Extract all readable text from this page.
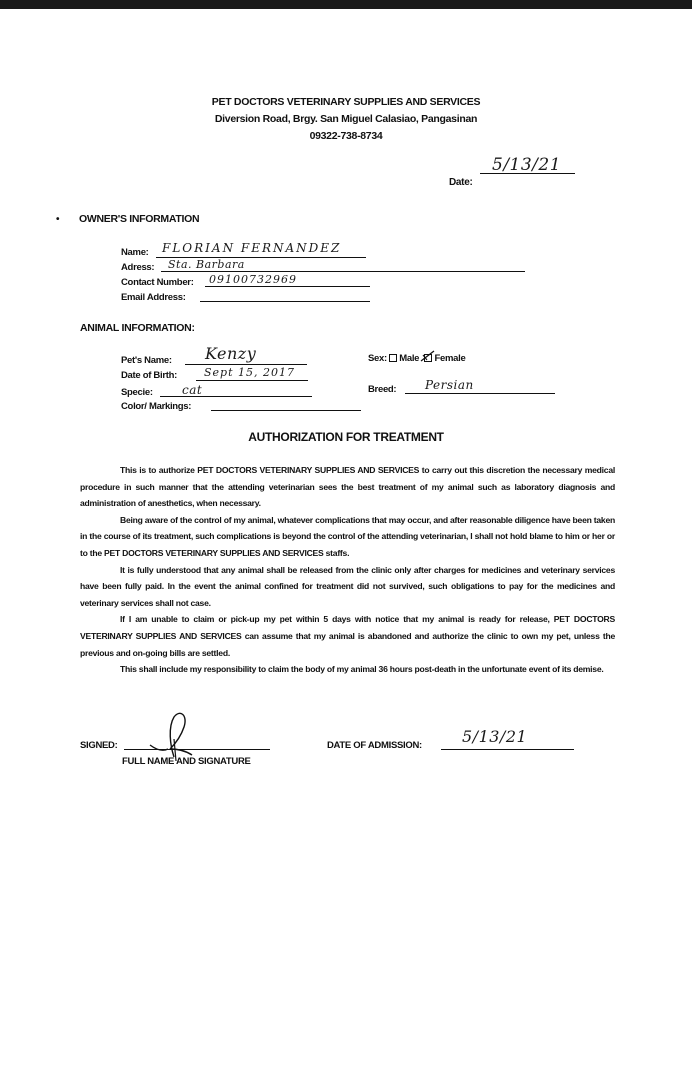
PET DOCTORS VETERINARY SUPPLIES AND SERVICES
Diversion Road, Brgy. San Miguel Calasiao, Pangasinan
09322-738-8734
Date:
5/13/21
• OWNER'S INFORMATION
Name: FLORIAN FERNANDEZ
Adress: Sta. Barbara
Contact Number: 09100732969
Email Address:
ANIMAL INFORMATION:
Pet's Name: Kenzy
Date of Birth: Sept 15, 2017
Specie: cat
Color/ Markings:
Sex: Male Female
Breed: Persian
AUTHORIZATION FOR TREATMENT

This is to authorize PET DOCTORS VETERINARY SUPPLIES AND SERVICES to carry out this discretion the necessary medical procedure in such manner that the attending veterinarian sees the best treatment of my animal such as laboratory diagnosis and administration of anesthetics, when necessary.

Being aware of the control of my animal, whatever complications that may occur, and after reasonable diligence have been taken in the course of its treatment, such complications is beyond the control of the attending veterinarian, I shall not hold blame to him or her or to the PET DOCTORS VETERINARY SUPPLIES AND SERVICES staffs.

It is fully understood that any animal shall be released from the clinic only after charges for medicines and veterinary services have been fully paid. In the event the animal confined for treatment did not survived, such obligations to pay for the medicines and veterinary services shall not case.

If I am unable to claim or pick-up my pet within 5 days with notice that my animal is ready for release, PET DOCTORS VETERINARY SUPPLIES AND SERVICES can assume that my animal is abandoned and authorize the clinic to own my pet, unless the previous and on-going bills are settled.

This shall include my responsibility to claim the body of my animal 36 hours post-death in the unfortunate event of its demise.

SIGNED:
FULL NAME AND SIGNATURE
DATE OF ADMISSION:	5/13/21
